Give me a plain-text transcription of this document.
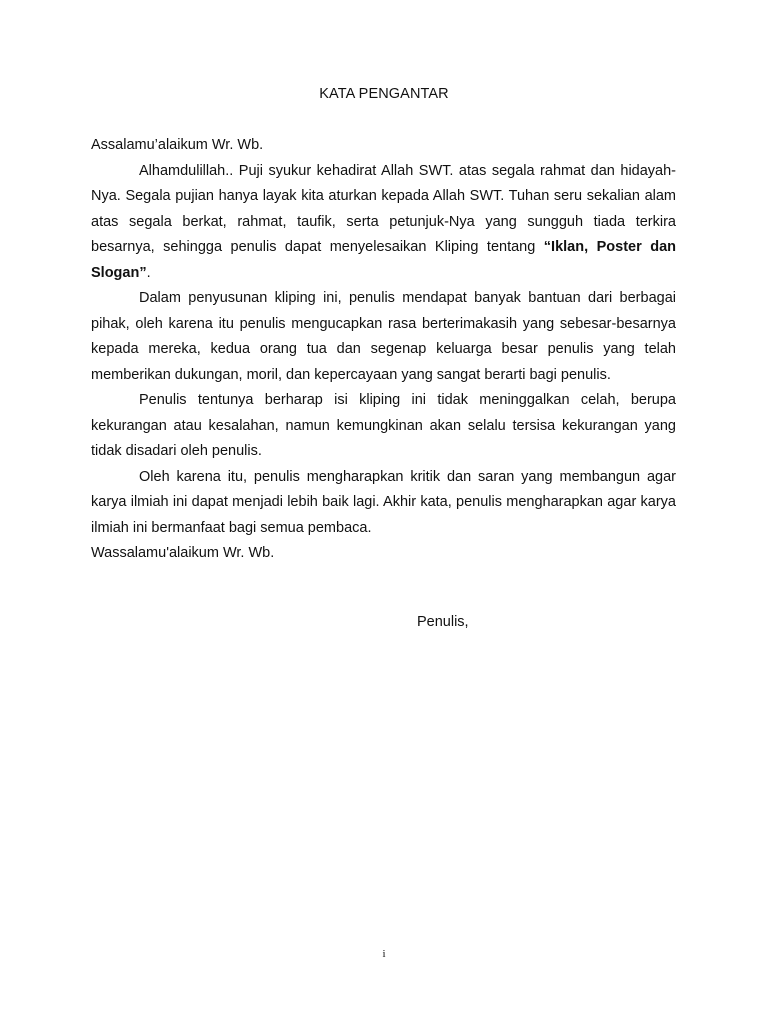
KATA PENGANTAR

Assalamu’alaikum Wr. Wb.

Alhamdulillah.. Puji syukur kehadirat Allah SWT. atas segala rahmat dan hidayah-Nya. Segala pujian hanya layak kita aturkan kepada Allah SWT. Tuhan seru sekalian alam atas segala berkat, rahmat, taufik, serta petunjuk-Nya yang sungguh tiada terkira besarnya, sehingga penulis dapat menyelesaikan Kliping tentang “Iklan, Poster dan Slogan”.

Dalam penyusunan kliping ini, penulis mendapat banyak bantuan dari berbagai pihak, oleh karena itu penulis mengucapkan rasa berterimakasih yang sebesar-besarnya kepada mereka, kedua orang tua dan segenap keluarga besar penulis yang telah memberikan dukungan, moril, dan kepercayaan yang sangat berarti bagi penulis.

Penulis tentunya berharap isi kliping ini tidak meninggalkan celah, berupa kekurangan atau kesalahan, namun kemungkinan akan selalu tersisa kekurangan yang tidak disadari oleh penulis.

Oleh karena itu, penulis mengharapkan kritik dan saran yang membangun agar karya ilmiah ini dapat menjadi lebih baik lagi. Akhir kata, penulis mengharapkan agar karya ilmiah ini bermanfaat bagi semua pembaca.

Wassalamu'alaikum Wr. Wb.

Penulis,
i
